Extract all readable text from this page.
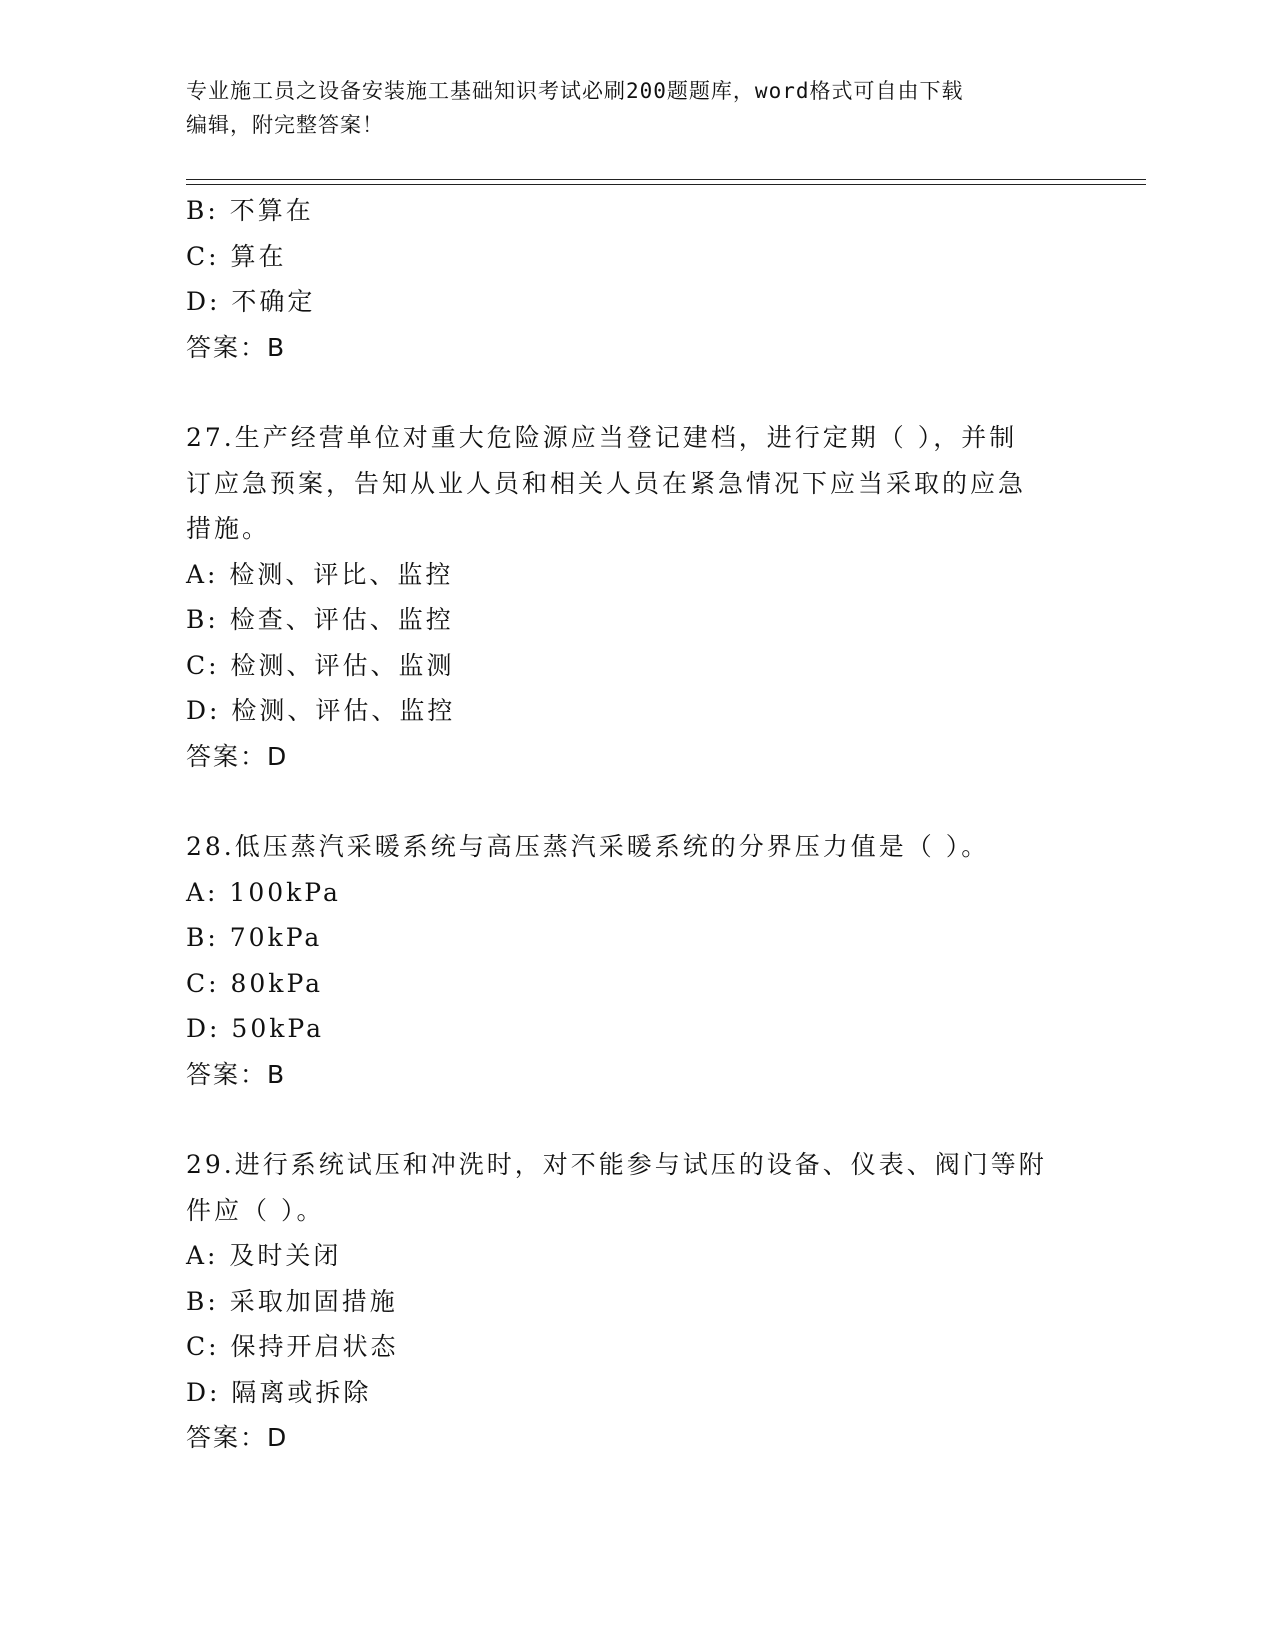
专业施工员之设备安装施工基础知识考试必刷200题题库，word格式可自由下载
编辑，附完整答案！
B: 不算在
C: 算在
D: 不确定
答案：B
27.生产经营单位对重大危险源应当登记建档，进行定期（ ），并制
订应急预案，告知从业人员和相关人员在紧急情况下应当采取的应急
措施。
A: 检测、评比、监控
B: 检查、评估、监控
C: 检测、评估、监测
D: 检测、评估、监控
答案：D
28.低压蒸汽采暖系统与高压蒸汽采暖系统的分界压力值是（ ）。
A: 100kPa
B: 70kPa
C: 80kPa
D: 50kPa
答案：B
29.进行系统试压和冲洗时，对不能参与试压的设备、仪表、阀门等附
件应（ ）。
A: 及时关闭
B: 采取加固措施
C: 保持开启状态
D: 隔离或拆除
答案：D
